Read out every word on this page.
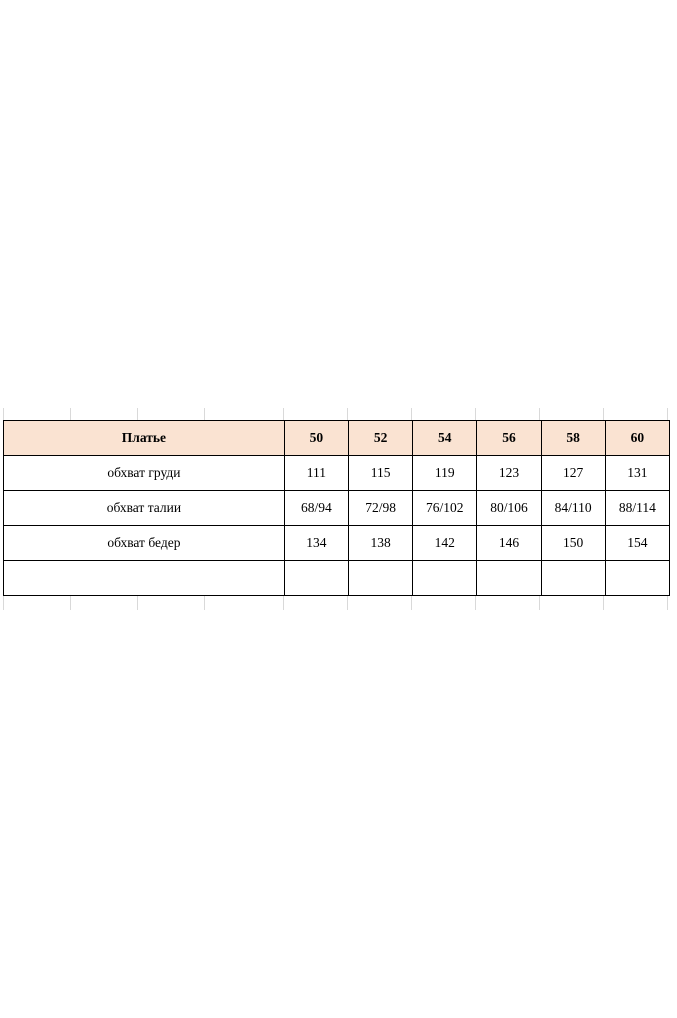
Платье	50	52	54	56	58	60
обхват груди	111	115	119	123	127	131
обхват талии	68/94	72/98	76/102	80/106	84/110	88/114
обхват бедер	134	138	142	146	150	154
